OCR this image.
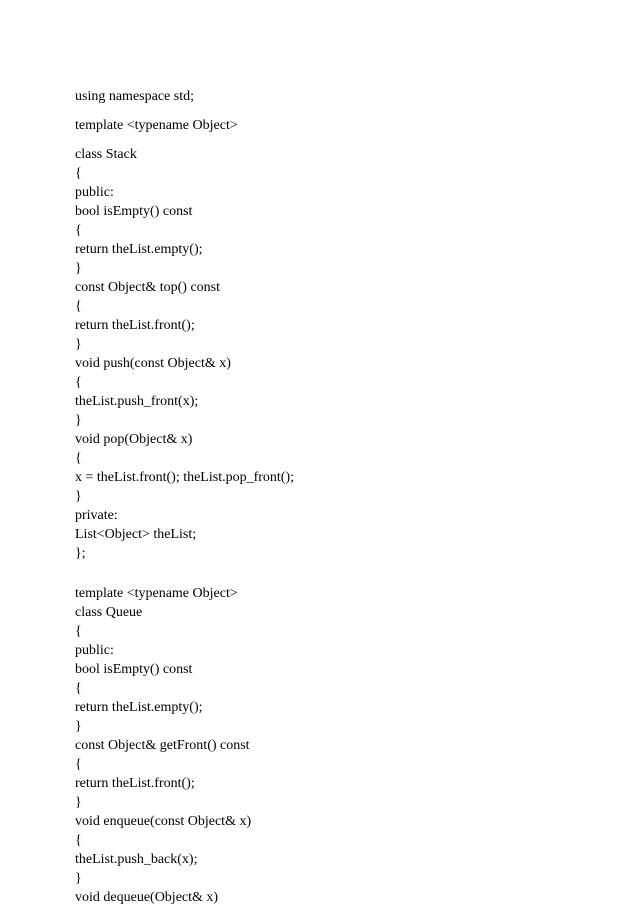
using namespace std;
template <typename Object>
class Stack
{
public:
bool isEmpty() const
{
return theList.empty();
}
const Object& top() const
{
return theList.front();
}
void push(const Object& x)
{
theList.push_front(x);
}
void pop(Object& x)
{
x = theList.front(); theList.pop_front();
}
private:
List<Object> theList;
};
template <typename Object>
class Queue
{
public:
bool isEmpty() const
{
return theList.empty();
}
const Object& getFront() const
{
return theList.front();
}
void enqueue(const Object& x)
{
theList.push_back(x);
}
void dequeue(Object& x)
